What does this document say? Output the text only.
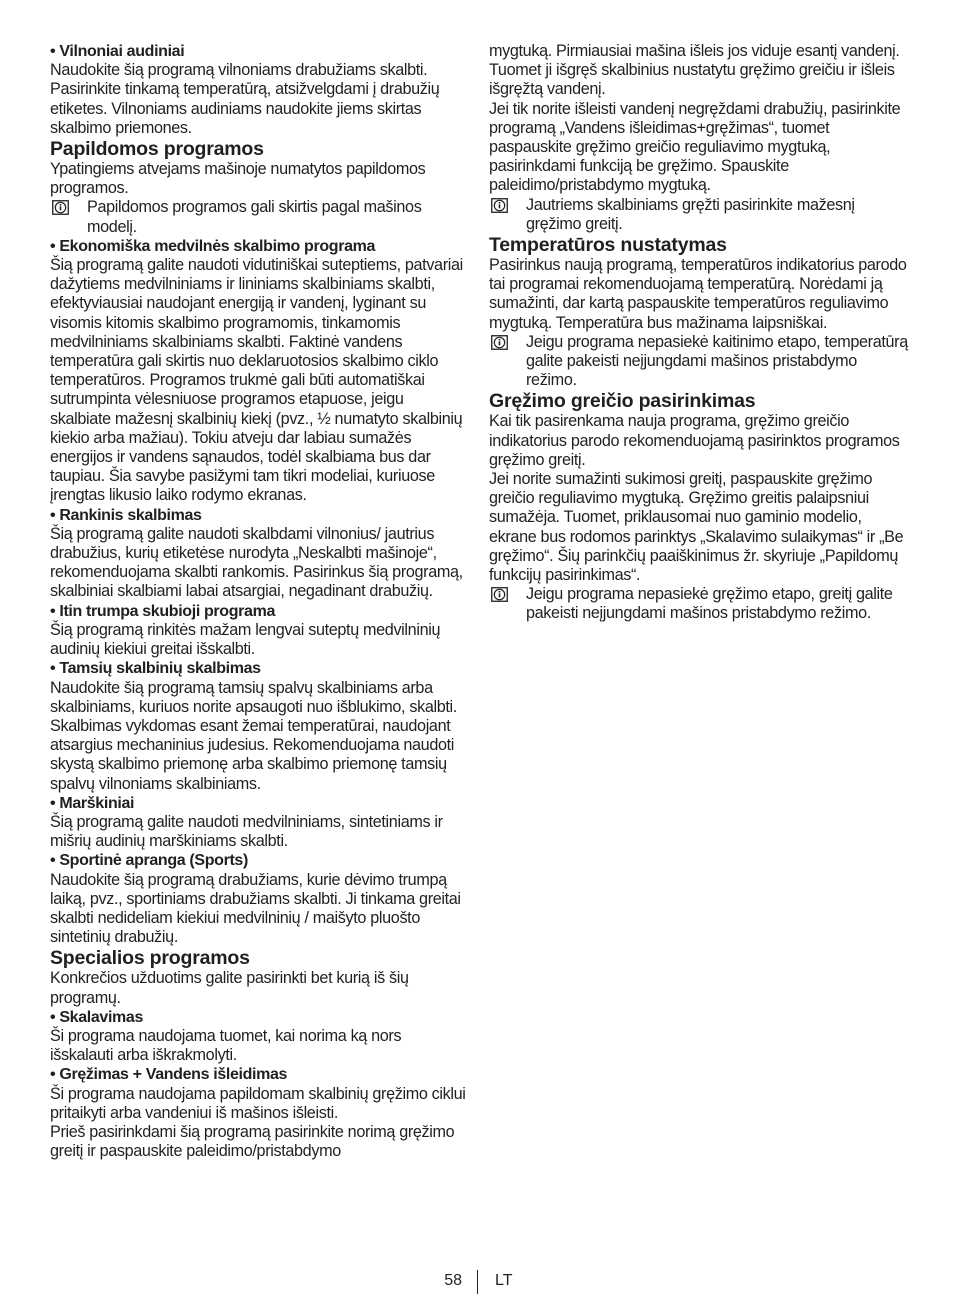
• Vilnoniai audiniai

Naudokite šią programą vilnoniams drabužiams skalbti. Pasirinkite tinkamą temperatūrą, atsižvelgdami į drabužių etiketes. Vilnoniams audiniams naudokite jiems skirtas skalbimo priemones.

Papildomos programos

Ypatingiems atvejams mašinoje numatytos papildomos programos.

Papildomos programos gali skirtis pagal mašinos modelį.

• Ekonomiška medvilnės skalbimo programa

Šią programą galite naudoti vidutiniškai suteptiems, patvariai dažytiems medvilniniams ir lininiams skalbiniams skalbti, efektyviausiai naudojant energiją ir vandenį, lyginant su visomis kitomis skalbimo programomis, tinkamomis medvilniniams skalbiniams skalbti. Faktinė vandens temperatūra gali skirtis nuo deklaruotosios skalbimo ciklo temperatūros. Programos trukmė gali būti automatiškai sutrumpinta vėlesniuose programos etapuose, jeigu skalbiate mažesnį skalbinių kiekį (pvz., ½ numatyto skalbinių kiekio arba mažiau). Tokiu atveju dar labiau sumažės energijos ir vandens sąnaudos, todėl skalbiama bus dar taupiau. Šia savybe pasižymi tam tikri modeliai, kuriuose įrengtas likusio laiko rodymo ekranas.

• Rankinis skalbimas

Šią programą galite naudoti skalbdami vilnonius/ jautrius drabužius, kurių etiketėse nurodyta „Neskalbti mašinoje“, rekomenduojama skalbti rankomis. Pasirinkus šią programą, skalbiniai skalbiami labai atsargiai, negadinant drabužių.

• Itin trumpa skubioji programa

Šią programą rinkitės mažam lengvai suteptų medvilninių audinių kiekiui greitai išskalbti.

• Tamsių skalbinių skalbimas

Naudokite šią programą tamsių spalvų skalbiniams arba skalbiniams, kuriuos norite apsaugoti nuo išblukimo, skalbti. Skalbimas vykdomas esant žemai temperatūrai, naudojant atsargius mechaninius judesius. Rekomenduojama naudoti skystą skalbimo priemonę arba skalbimo priemonę tamsių spalvų vilnoniams skalbiniams.

• Marškiniai

Šią programą galite naudoti medvilniniams, sintetiniams ir mišrių audinių marškiniams skalbti.

• Sportinė apranga (Sports)

Naudokite šią programą drabužiams, kurie dėvimo trumpą laiką, pvz., sportiniams drabužiams skalbti. Ji tinkama greitai skalbti nedideliam kiekiui medvilninių / maišyto pluošto sintetinių drabužių.

Specialios programos

Konkrečios užduotims galite pasirinkti bet kurią iš šių programų.

• Skalavimas

Ši programa naudojama tuomet, kai norima ką nors išskalauti arba iškrakmolyti.

• Gręžimas + Vandens išleidimas

Ši programa naudojama papildomam skalbinių gręžimo ciklui pritaikyti arba vandeniui iš mašinos išleisti.

Prieš pasirinkdami šią programą pasirinkite norimą gręžimo greitį ir paspauskite paleidimo/pristabdymo

mygtuką. Pirmiausiai mašina išleis jos viduje esantį vandenį. Tuomet ji išgręš skalbinius nustatytu gręžimo greičiu ir išleis išgręžtą vandenį.

Jei tik norite išleisti vandenį negręždami drabužių, pasirinkite programą „Vandens išleidimas+gręžimas“, tuomet paspauskite gręžimo greičio reguliavimo mygtuką, pasirinkdami funkciją be gręžimo. Spauskite paleidimo/pristabdymo mygtuką.

Jautriems skalbiniams gręžti pasirinkite mažesnį gręžimo greitį.

Temperatūros nustatymas

Pasirinkus naują programą, temperatūros indikatorius parodo tai programai rekomenduojamą temperatūrą. Norėdami ją sumažinti, dar kartą paspauskite temperatūros reguliavimo mygtuką. Temperatūra bus mažinama laipsniškai.

Jeigu programa nepasiekė kaitinimo etapo, temperatūrą galite pakeisti neįjungdami mašinos pristabdymo režimo.

Gręžimo greičio pasirinkimas

Kai tik pasirenkama nauja programa, gręžimo greičio indikatorius parodo rekomenduojamą pasirinktos programos gręžimo greitį.

Jei norite sumažinti sukimosi greitį, paspauskite gręžimo greičio reguliavimo mygtuką. Gręžimo greitis palaipsniui sumažėja. Tuomet, priklausomai nuo gaminio modelio, ekrane bus rodomos parinktys „Skalavimo sulaikymas“ ir „Be gręžimo“. Šių parinkčių paaiškinimus žr. skyriuje „Papildomų funkcijų pasirinkimas“.

Jeigu programa nepasiekė gręžimo etapo, greitį galite pakeisti neįjungdami mašinos pristabdymo režimo.

58 LT
